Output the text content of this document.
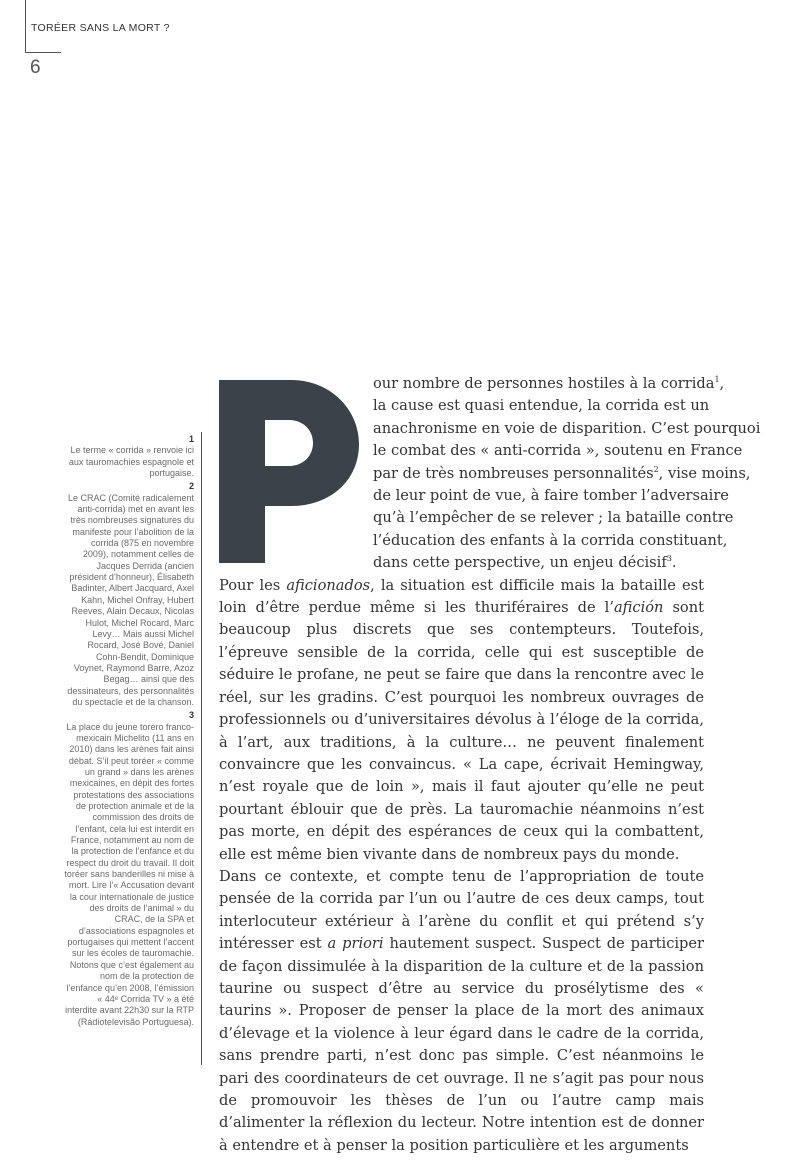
TORÉER SANS LA MORT ?
6
1
Le terme « corrida » renvoie ici aux tauromachies espagnole et portugaise.
2
Le CRAC (Comité radicalement anti-corrida) met en avant les très nombreuses signatures du manifeste pour l’abolition de la corrida (875 en novembre 2009), notamment celles de Jacques Derrida (ancien président d’honneur), Élisabeth Badinter, Albert Jacquard, Axel Kahn, Michel Onfray, Hubert Reeves, Alain Decaux, Nicolas Hulot, Michel Rocard, Marc Levy… Mais aussi Michel Rocard, José Bové, Daniel Cohn-Bendit, Dominique Voynet, Raymond Barre, Azoz Begag… ainsi que des dessinateurs, des personnalités du spectacle et de la chanson.
3
La place du jeune torero franco-mexicain Michelito (11 ans en 2010) dans les arènes fait ainsi débat. S’il peut toréer « comme un grand » dans les arènes mexicaines, en dépit des fortes protestations des associations de protection animale et de la commission des droits de l’enfant, cela lui est interdit en France, notamment au nom de la protection de l’enfance et du respect du droit du travail. Il doit toréer sans banderilles ni mise à mort. Lire l’« Accusation devant la cour internationale de justice des droits de l’animal » du CRAC, de la SPA et d’associations espagnoles et portugaises qui mettent l’accent sur les écoles de tauromachie. Notons que c’est également au nom de la protection de l’enfance qu’en 2008, l’émission « 44ᵉ Corrida TV » a été interdite avant 22h30 sur la RTP (Rádiotelevisão Portuguesa).

our nombre de personnes hostiles à la corrida$^1$,
la cause est quasi entendue, la corrida est un
anachronisme en voie de disparition. C’est pourquoi
le combat des « anti-corrida », soutenu en France
par de très nombreuses personnalités$^2$, vise moins,
de leur point de vue, à faire tomber l’adversaire
qu’à l’empêcher de se relever ; la bataille contre
l’éducation des enfants à la corrida constituant,
dans cette perspective, un enjeu décisif$^3$.

Pour les aficionados, la situation est difficile mais la bataille est loin d’être perdue même si les thuriféraires de l’afición sont beaucoup plus discrets que ses contempteurs. Toutefois, l’épreuve sensible de la corrida, celle qui est susceptible de séduire le profane, ne peut se faire que dans la rencontre avec le réel, sur les gradins. C’est pourquoi les nombreux ouvrages de professionnels ou d’universitaires dévolus à l’éloge de la corrida, à l’art, aux traditions, à la culture… ne peuvent finalement convaincre que les convaincus. « La cape, écrivait Hemingway, n’est royale que de loin », mais il faut ajouter qu’elle ne peut pourtant éblouir que de près. La tauromachie néanmoins n’est pas morte, en dépit des espérances de ceux qui la combattent, elle est même bien vivante dans de nombreux pays du monde.

Dans ce contexte, et compte tenu de l’appropriation de toute pensée de la corrida par l’un ou l’autre de ces deux camps, tout interlocuteur extérieur à l’arène du conflit et qui prétend s’y intéresser est a priori hautement suspect. Suspect de participer de façon dissimulée à la disparition de la culture et de la passion taurine ou suspect d’être au service du prosélytisme des « taurins ». Proposer de penser la place de la mort des animaux d’élevage et la violence à leur égard dans le cadre de la corrida, sans prendre parti, n’est donc pas simple. C’est néanmoins le pari des coordinateurs de cet ouvrage. Il ne s’agit pas pour nous de promouvoir les thèses de l’un ou l’autre camp mais d’alimenter la réflexion du lecteur. Notre intention est de donner à entendre et à penser la position particulière et les arguments
